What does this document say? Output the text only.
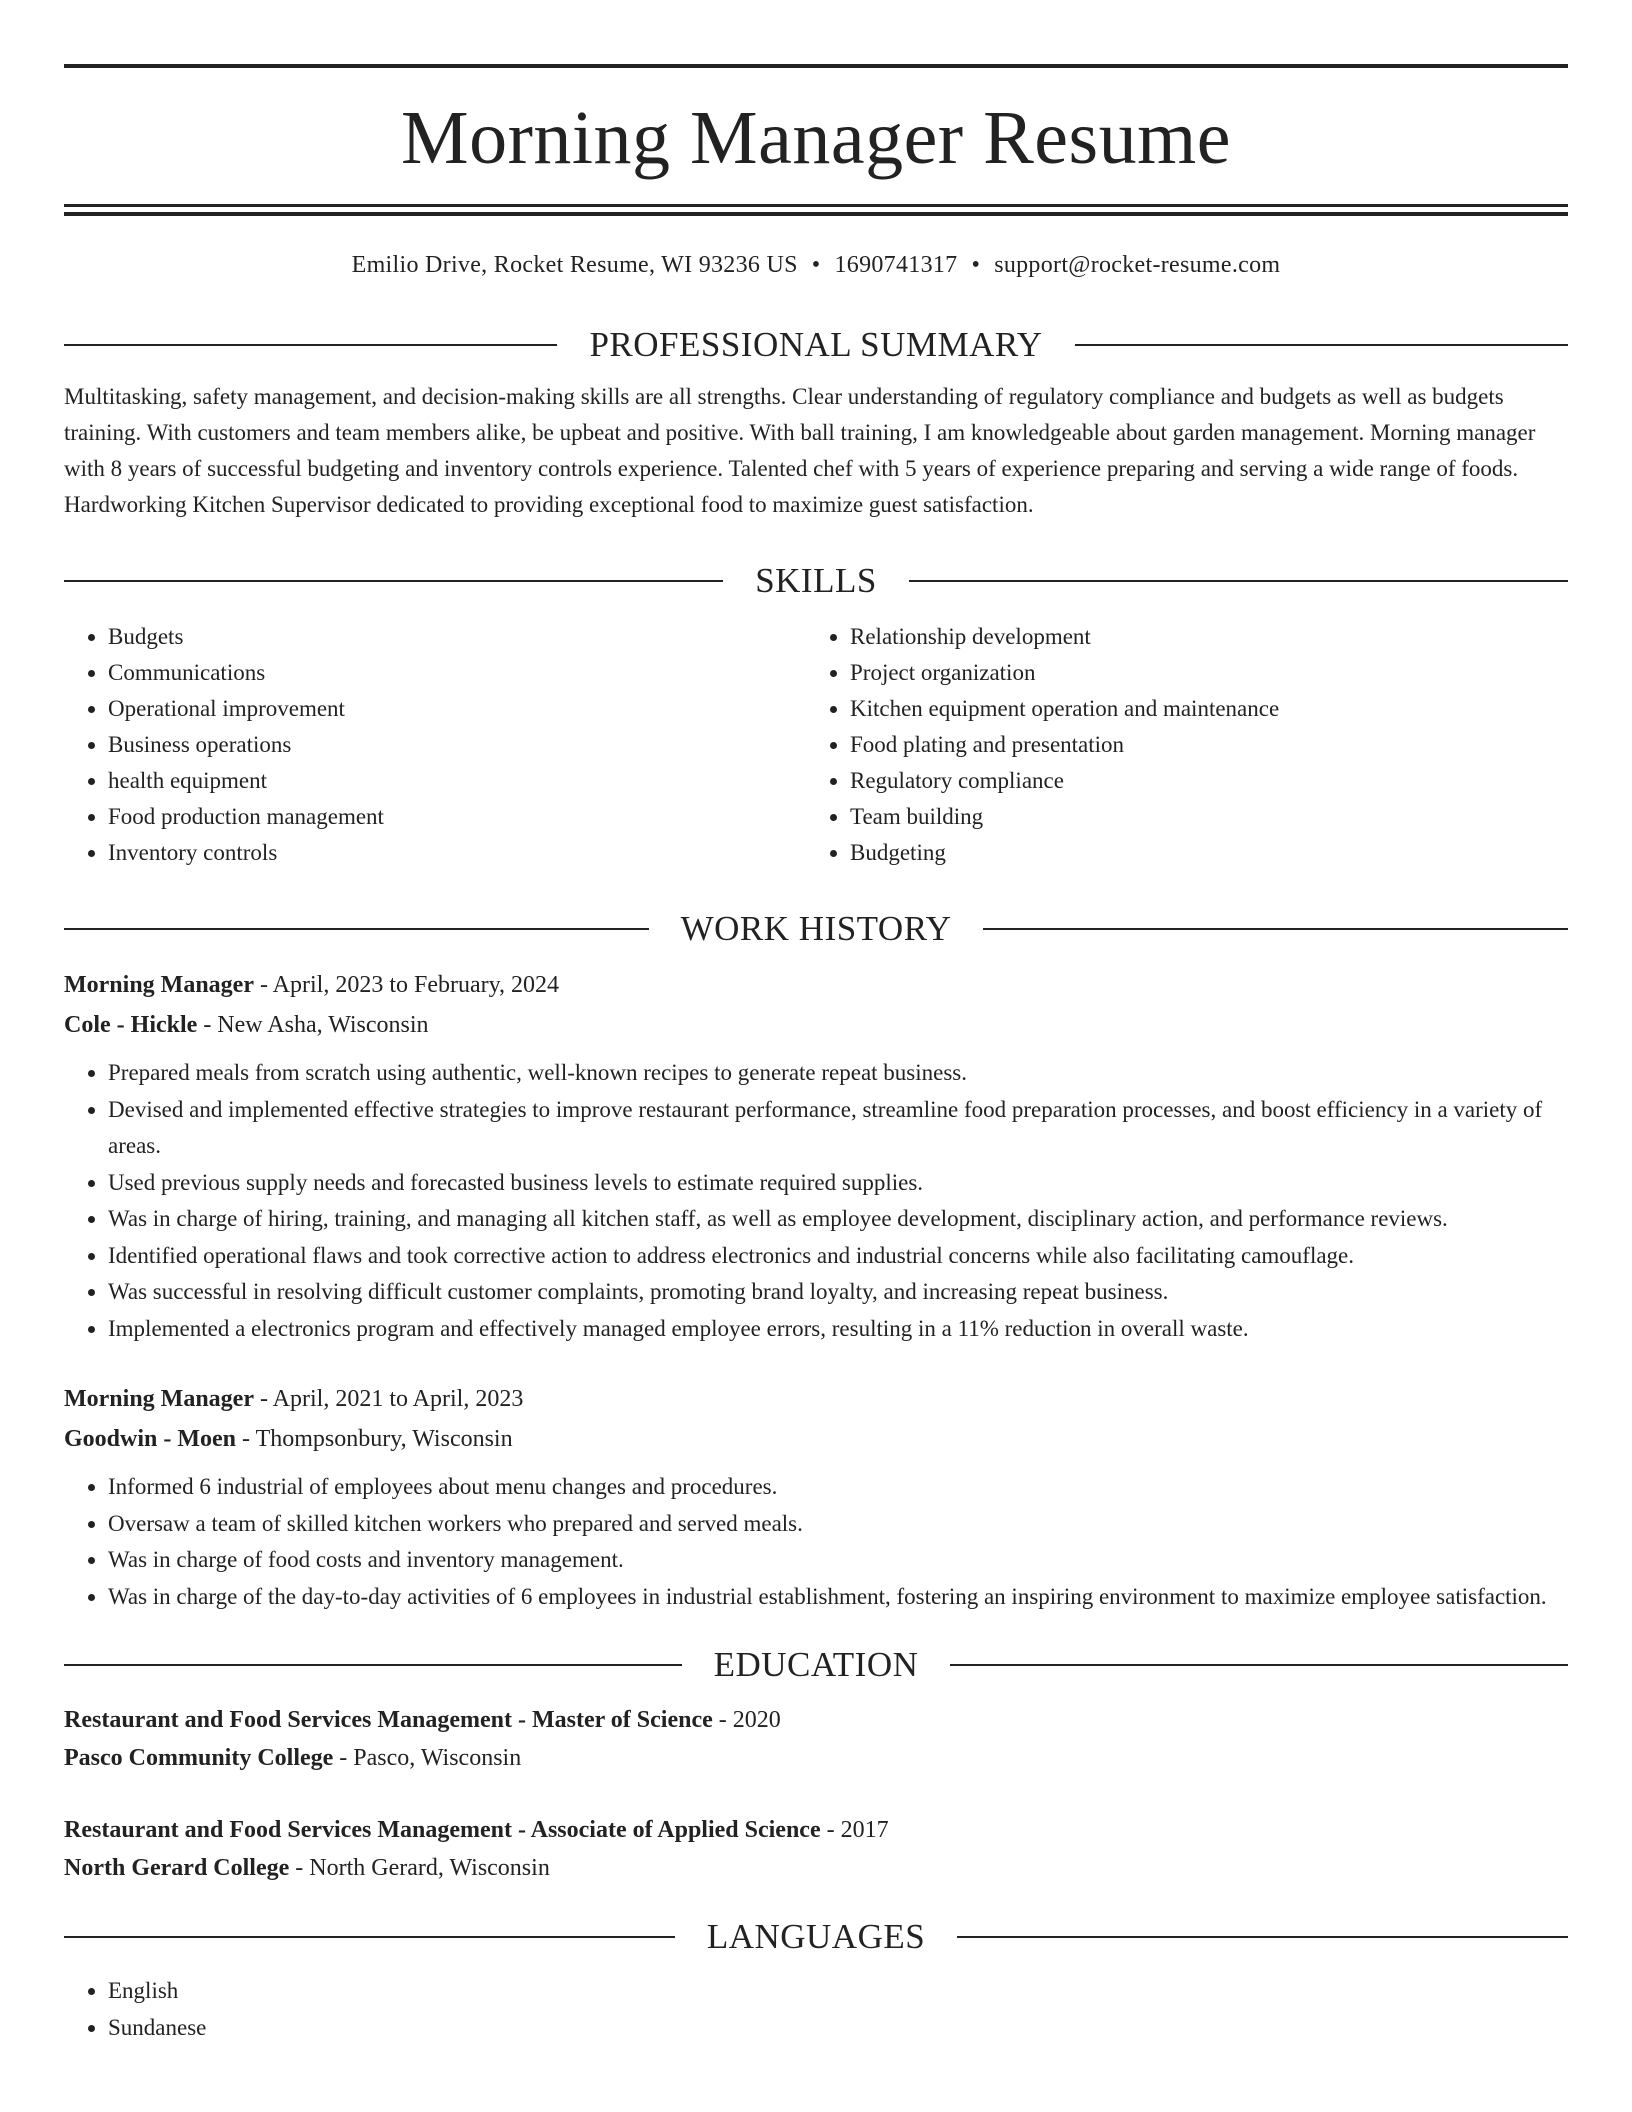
Morning Manager Resume
Emilio Drive, Rocket Resume, WI 93236 US • 1690741317 • support@rocket-resume.com
PROFESSIONAL SUMMARY
Multitasking, safety management, and decision-making skills are all strengths. Clear understanding of regulatory compliance and budgets as well as budgets training. With customers and team members alike, be upbeat and positive. With ball training, I am knowledgeable about garden management. Morning manager with 8 years of successful budgeting and inventory controls experience. Talented chef with 5 years of experience preparing and serving a wide range of foods. Hardworking Kitchen Supervisor dedicated to providing exceptional food to maximize guest satisfaction.
SKILLS
• Budgets
• Communications
• Operational improvement
• Business operations
• health equipment
• Food production management
• Inventory controls
• Relationship development
• Project organization
• Kitchen equipment operation and maintenance
• Food plating and presentation
• Regulatory compliance
• Team building
• Budgeting
WORK HISTORY
Morning Manager - April, 2023 to February, 2024
Cole - Hickle - New Asha, Wisconsin
• Prepared meals from scratch using authentic, well-known recipes to generate repeat business.
• Devised and implemented effective strategies to improve restaurant performance, streamline food preparation processes, and boost efficiency in a variety of areas.
• Used previous supply needs and forecasted business levels to estimate required supplies.
• Was in charge of hiring, training, and managing all kitchen staff, as well as employee development, disciplinary action, and performance reviews.
• Identified operational flaws and took corrective action to address electronics and industrial concerns while also facilitating camouflage.
• Was successful in resolving difficult customer complaints, promoting brand loyalty, and increasing repeat business.
• Implemented a electronics program and effectively managed employee errors, resulting in a 11% reduction in overall waste.
Morning Manager - April, 2021 to April, 2023
Goodwin - Moen - Thompsonbury, Wisconsin
• Informed 6 industrial of employees about menu changes and procedures.
• Oversaw a team of skilled kitchen workers who prepared and served meals.
• Was in charge of food costs and inventory management.
• Was in charge of the day-to-day activities of 6 employees in industrial establishment, fostering an inspiring environment to maximize employee satisfaction.
EDUCATION
Restaurant and Food Services Management - Master of Science - 2020
Pasco Community College - Pasco, Wisconsin
Restaurant and Food Services Management - Associate of Applied Science - 2017
North Gerard College - North Gerard, Wisconsin
LANGUAGES
• English
• Sundanese
